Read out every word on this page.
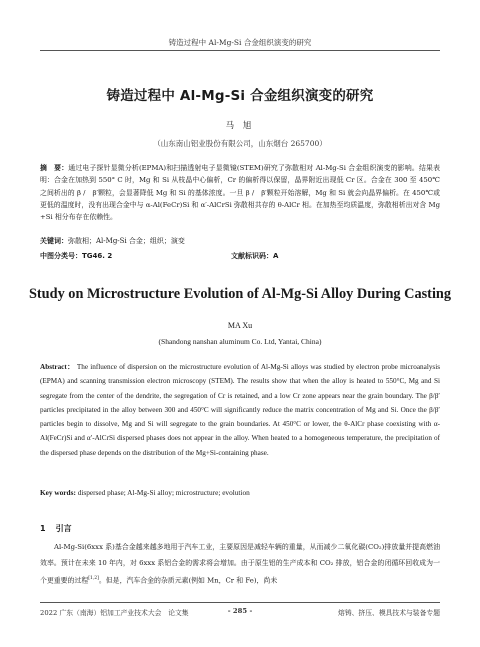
铸造过程中 Al-Mg-Si 合金组织演变的研究
铸造过程中 Al-Mg-Si 合金组织演变的研究
马 旭
（山东南山铝业股份有限公司，山东烟台 265700）
摘　要：通过电子探针显微分析(EPMA)和扫描透射电子显微镜(STEM)研究了弥散相对 Al-Mg-Si 合金组织演变的影响。结果表明：合金在加热到 550° C 时，Mg 和 Si 从枝晶中心偏析，Cr 的偏析得以保留，晶界附近出现低 Cr 区。合金在 300 至 450℃之间析出的 β /　β′颗粒，会显著降低 Mg 和 Si 的基体浓度。一旦 β /　β′颗粒开始溶解，Mg 和 Si 就会向晶界偏析。在 450℃或更低的温度时，没有出现合金中与 α-Al(FeCr)Si 和 α′-AlCrSi 弥散相共存的 θ-AlCr 相。在加热至均质温度，弥散相析出对含 Mg+Si 相分布存在依赖性。
关键词：弥散相；Al-Mg-Si 合金；组织；演变
中图分类号：TG46. 2	文献标识码：A
Study on Microstructure Evolution of Al-Mg-Si Alloy During Casting
MA Xu
(Shandong nanshan aluminum Co. Ltd, Yantai, China)
Abstract： The influence of dispersion on the microstructure evolution of Al-Mg-Si alloys was studied by electron probe microanalysis (EPMA) and scanning transmission electron microscopy (STEM). The results show that when the alloy is heated to 550°C, Mg and Si segregate from the center of the dendrite, the segregation of Cr is retained, and a low Cr zone appears near the grain boundary. The β/β′ particles precipitated in the alloy between 300 and 450°C will significantly reduce the matrix concentration of Mg and Si. Once the β/β′ particles begin to dissolve, Mg and Si will segregate to the grain boundaries. At 450°C or lower, the θ-AlCr phase coexisting with α-Al(FeCr)Si and α′-AlCrSi dispersed phases does not appear in the alloy. When heated to a homogeneous temperature, the precipitation of the dispersed phase depends on the distribution of the Mg+Si-containing phase.
Key words: dispersed phase; Al-Mg-Si alloy; microstructure; evolution
1 引言
Al-Mg-Si(6xxx 系)基合金越来越多地用于汽车工业，主要原因是减轻车辆的重量，从而减少二氧化碳(CO₂)排放量并提高燃油效率。预计在未来 10 年内，对 6xxx 系铝合金的需求将会增加。由于原生铝的生产成本和 CO₂ 排放，铝合金的闭循环回收成为一个更重要的过程[1,2]。但是，汽车合金的杂质元素(例如 Mn，Cr 和 Fe)，尚未
2022 广东（南海）铝加工产业技术大会　论文集	- 285 -	熔铸、挤压、模具技术与装备专题
